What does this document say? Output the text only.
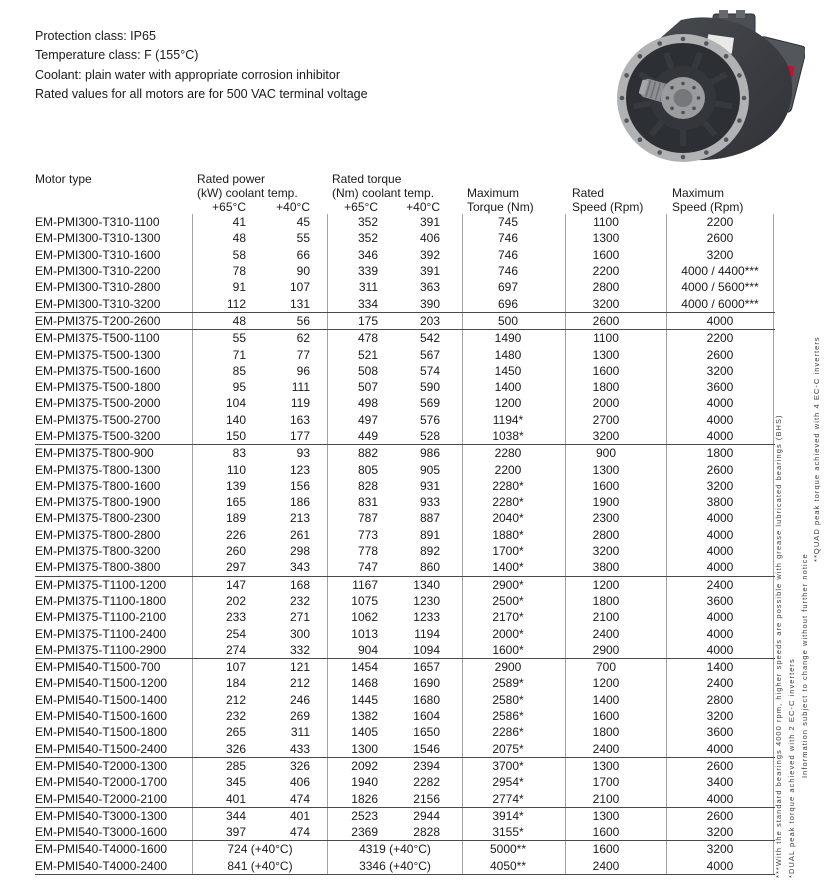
Protection class: IP65
Temperature class: F (155°C)
Coolant: plain water with appropriate corrosion inhibitor
Rated values for all motors are for 500 VAC terminal voltage
Motor type	Rated power	Rated torque
(kW) coolant temp.	(Nm) coolant temp.	Maximum	Rated	Maximum
+65°C	+40°C	+65°C	+40°C	Torque (Nm)	Speed (Rpm)	Speed (Rpm)
EM-PMI300-T310-1100	41	45	352	391	745	1100	2200
EM-PMI300-T310-1300	48	55	352	406	746	1300	2600
EM-PMI300-T310-1600	58	66	346	392	746	1600	3200
EM-PMI300-T310-2200	78	90	339	391	746	2200	4000 / 4400***
EM-PMI300-T310-2800	91	107	311	363	697	2800	4000 / 5600***
EM-PMI300-T310-3200	112	131	334	390	696	3200	4000 / 6000***
EM-PMI375-T200-2600	48	56	175	203	500	2600	4000
EM-PMI375-T500-1100	55	62	478	542	1490	1100	2200
EM-PMI375-T500-1300	71	77	521	567	1480	1300	2600
EM-PMI375-T500-1600	85	96	508	574	1450	1600	3200
EM-PMI375-T500-1800	95	111	507	590	1400	1800	3600
EM-PMI375-T500-2000	104	119	498	569	1200	2000	4000
EM-PMI375-T500-2700	140	163	497	576	1194*	2700	4000
EM-PMI375-T500-3200	150	177	449	528	1038*	3200	4000
EM-PMI375-T800-900	83	93	882	986	2280	900	1800
EM-PMI375-T800-1300	110	123	805	905	2200	1300	2600
EM-PMI375-T800-1600	139	156	828	931	2280*	1600	3200
EM-PMI375-T800-1900	165	186	831	933	2280*	1900	3800
EM-PMI375-T800-2300	189	213	787	887	2040*	2300	4000
EM-PMI375-T800-2800	226	261	773	891	1880*	2800	4000
EM-PMI375-T800-3200	260	298	778	892	1700*	3200	4000
EM-PMI375-T800-3800	297	343	747	860	1400*	3800	4000
EM-PMI375-T1100-1200	147	168	1167	1340	2900*	1200	2400
EM-PMI375-T1100-1800	202	232	1075	1230	2500*	1800	3600
EM-PMI375-T1100-2100	233	271	1062	1233	2170*	2100	4000
EM-PMI375-T1100-2400	254	300	1013	1194	2000*	2400	4000
EM-PMI375-T1100-2900	274	332	904	1094	1600*	2900	4000
EM-PMI540-T1500-700	107	121	1454	1657	2900	700	1400
EM-PMI540-T1500-1200	184	212	1468	1690	2589*	1200	2400
EM-PMI540-T1500-1400	212	246	1445	1680	2580*	1400	2800
EM-PMI540-T1500-1600	232	269	1382	1604	2586*	1600	3200
EM-PMI540-T1500-1800	265	311	1405	1650	2286*	1800	3600
EM-PMI540-T1500-2400	326	433	1300	1546	2075*	2400	4000
EM-PMI540-T2000-1300	285	326	2092	2394	3700*	1300	2600
EM-PMI540-T2000-1700	345	406	1940	2282	2954*	1700	3400
EM-PMI540-T2000-2100	401	474	1826	2156	2774*	2100	4000
EM-PMI540-T3000-1300	344	401	2523	2944	3914*	1300	2600
EM-PMI540-T3000-1600	397	474	2369	2828	3155*	1600	3200
EM-PMI540-T4000-1600	724 (+40°C)	4319 (+40°C)	5000**	1600	3200
EM-PMI540-T4000-2400	841 (+40°C)	3346 (+40°C)	4050**	2400	4000	***With the standard bearings 4000 rpm, higher speeds are possible with grease lubricated bearings (BHS) *DUAL peak torque achieved with 2 EC-C inverters Information subject to change without further notice
**QUAD peak torque achieved with 4 EC-C inverters
